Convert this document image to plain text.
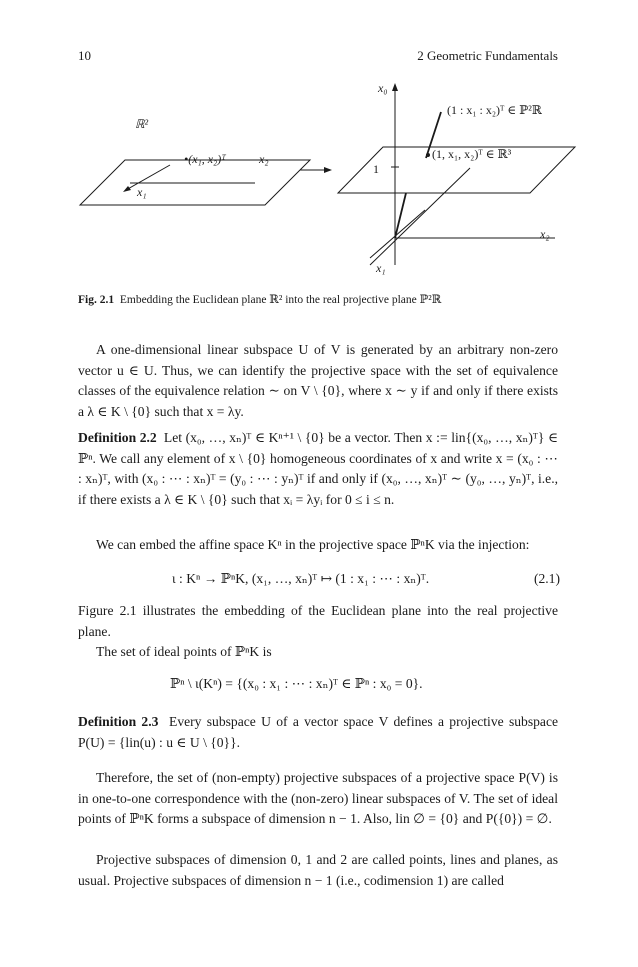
10	2 Geometric Fundamentals
ℝ²
•(x₁, x₂)ᵀ	x₂
x₁
x₀
1
(1, x₁, x₂)ᵀ ∈ ℝ³
(1 : x₁ : x₂)ᵀ ∈ ℙ²ℝ
x₂
x₁
Fig. 2.1 Embedding the Euclidean plane ℝ² into the real projective plane ℙ²ℝ

A one-dimensional linear subspace U of V is generated by an arbitrary non-zero vector u ∈ U. Thus, we can identify the projective space with the set of equivalence classes of the equivalence relation ∼ on V \ {0}, where x ∼ y if and only if there exists a λ ∈ K \ {0} such that x = λy.

Definition 2.2 Let (x₀, …, xₙ)ᵀ ∈ Kⁿ⁺¹ \ {0} be a vector. Then x := lin{(x₀, …, xₙ)ᵀ} ∈ ℙⁿ. We call any element of x \ {0} homogeneous coordinates of x and write x = (x₀ : ⋯ : xₙ)ᵀ, with (x₀ : ⋯ : xₙ)ᵀ = (y₀ : ⋯ : yₙ)ᵀ if and only if (x₀, …, xₙ)ᵀ ∼ (y₀, …, yₙ)ᵀ, i.e., if there exists a λ ∈ K \ {0} such that xᵢ = λyᵢ for 0 ≤ i ≤ n.

We can embed the affine space Kⁿ in the projective space ℙⁿK via the injection:

ι : Kⁿ → ℙⁿK, (x₁, …, xₙ)ᵀ ↦ (1 : x₁ : ⋯ : xₙ)ᵀ.	(2.1)

Figure 2.1 illustrates the embedding of the Euclidean plane into the real projective plane.

The set of ideal points of ℙⁿK is

ℙⁿ \ ι(Kⁿ) = {(x₀ : x₁ : ⋯ : xₙ)ᵀ ∈ ℙⁿ : x₀ = 0}.

Definition 2.3 Every subspace U of a vector space V defines a projective subspace P(U) = {lin(u) : u ∈ U \ {0}}.

Therefore, the set of (non-empty) projective subspaces of a projective space P(V) is in one-to-one correspondence with the (non-zero) linear subspaces of V. The set of ideal points of ℙⁿK forms a subspace of dimension n − 1. Also, lin ∅ = {0} and P({0}) = ∅.

Projective subspaces of dimension 0, 1 and 2 are called points, lines and planes, as usual. Projective subspaces of dimension n − 1 (i.e., codimension 1) are called
